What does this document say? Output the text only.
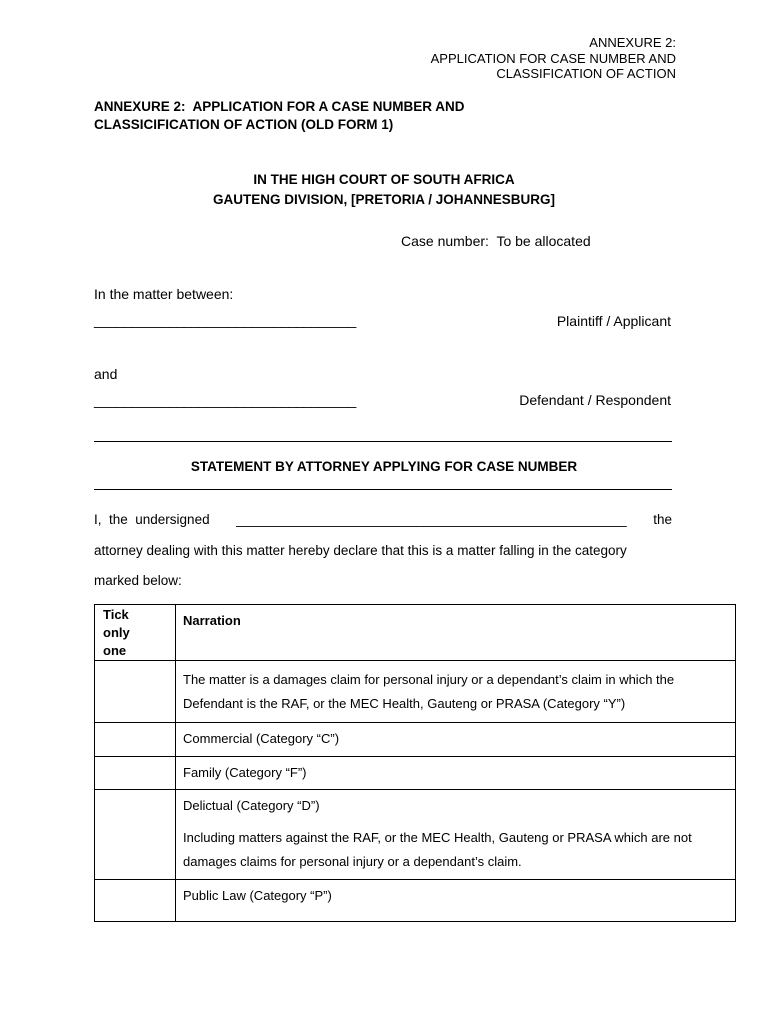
ANNEXURE 2:
APPLICATION FOR CASE NUMBER AND
CLASSIFICATION OF ACTION
ANNEXURE 2:  APPLICATION FOR A CASE NUMBER AND
CLASSICIFICATION OF ACTION (OLD FORM 1)
IN THE HIGH COURT OF SOUTH AFRICA
GAUTENG DIVISION, [PRETORIA / JOHANNESBURG]
Case number:  To be allocated
In the matter between:
___________________________________	Plaintiff / Applicant
and
___________________________________	Defendant / Respondent
STATEMENT BY ATTORNEY APPLYING FOR CASE NUMBER
I,  the  undersigned ____________________________________________________ the
attorney dealing with this matter hereby declare that this is a matter falling in the category
marked below:
Tick
only
one	Narration

	The matter is a damages claim for personal injury or a dependant’s claim in which the
Defendant is the RAF, or the MEC Health, Gauteng or PRASA (Category “Y”)

	Commercial (Category “C”)

	Family (Category “F”)

	Delictual (Category “D”)
Including matters against the RAF, or the MEC Health, Gauteng or PRASA which are not
damages claims for personal injury or a dependant’s claim.

	Public Law (Category “P”)
